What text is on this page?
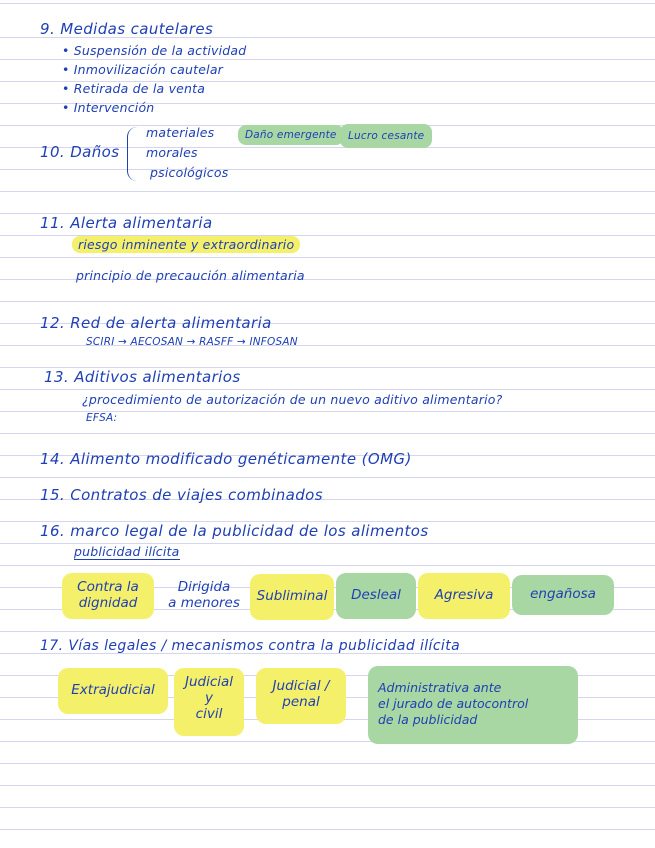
9. Medidas cautelares
• Suspensión de la actividad
• Inmovilización cautelar
• Retirada de la venta
• Intervención
10. Daños
materiales
morales
psicológicos
Daño emergente	Lucro cesante
11. Alerta alimentaria
riesgo inminente y extraordinario
principio de precaución alimentaria
12. Red de alerta alimentaria
SCIRI → AECOSAN → RASFF → INFOSAN
13. Aditivos alimentarios
¿procedimiento de autorización de un nuevo aditivo alimentario?
EFSA:
14. Alimento modificado genéticamente (OMG)
15. Contratos de viajes combinados
16. marco legal de la publicidad de los alimentos
publicidad ilícita
Contra la
dignidad
Dirigida
a menores	Subliminal	Desleal	Agresiva	engañosa
17. Vías legales / mecanismos contra la publicidad ilícita
Extrajudicial	Judicial
y
civil
Judicial /
penal
Administrativa ante
el jurado de autocontrol
de la publicidad
